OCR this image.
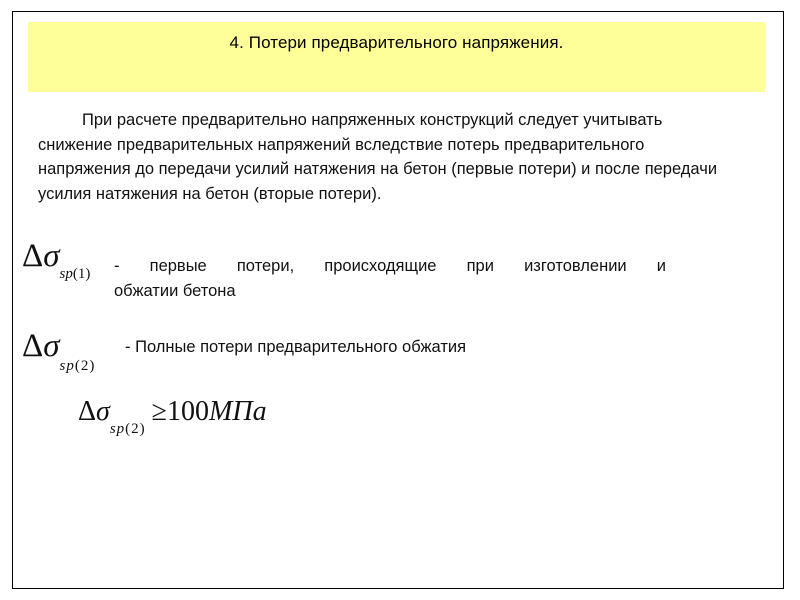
4. Потери предварительного напряжения.
При расчете предварительно напряженных конструкций следует учитывать снижение предварительных напряжений вследствие потерь предварительного напряжения до передачи усилий натяжения на бетон (первые потери) и после передачи усилия натяжения на бетон (вторые потери).
$\Delta\sigma_{sp(1)}$ - первые потери, происходящие при изготовлении и
обжатии бетона
$\Delta\sigma_{sp(2)}$
- Полные потери предварительного обжатия
$\Delta\sigma_{sp(2)}\ge 100МПа$
